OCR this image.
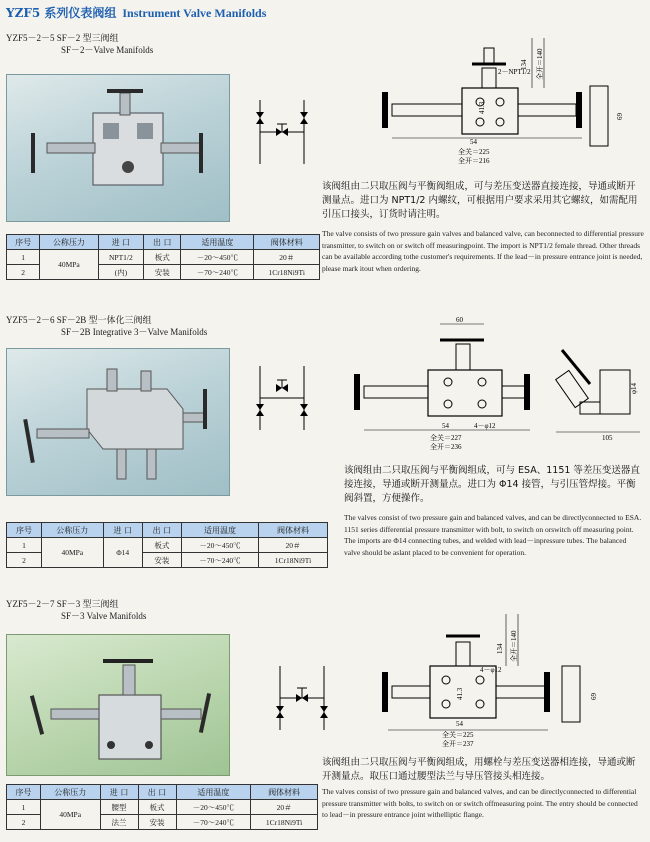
YZF5 系列仪表阀组 Instrument Valve Manifolds
YZF5－2－5 SF－2 型三阀组
SF－2－Valve Manifolds
134 全开＝140
2－NPT1/2
41.3
54
全关＝225
全开＝216
69
序号	公称压力	进 口	出 口	适用温度	阀体材料
1	40MPa	NPT1/2	板式	－20～450℃	20＃
2		(内)	安装	－70～240℃	1Cr18Ni9Ti
该阀组由二只取压阀与平衡阀组成，可与差压变送器直接连接，导通或断开测量点。进口为 NPT1/2 内螺纹，可根据用户要求采用其它螺纹，如需配用引压口接头，订货时请注明。
The valve consists of two pressure gain valves and balanced valve, can beconnected to differential pressure transmitter, to switch on or switch off measuringpoint. The import is NPT1/2 female thread. Other threads can be available according tothe customer's requirements. If the lead－in pressure entrance joint is needed, please mark itout when ordering.
YZF5－2－6 SF－2B 型一体化三阀组
SF－2B Integrative 3－Valve Manifolds
60
4－φ12
54
全关＝227
全开＝236
φ14
105
该阀组由二只取压阀与平衡阀组成，可与 ESA、1151 等差压变送器直接连接，导通或断开测量点。进口为 Φ14 接管，与引压管焊接。平衡阀斜置，方便操作。
序号	公称压力	进 口	出 口	适用温度	阀体材料
1	40MPa	Φ14	板式	－20～450℃	20＃
2			安装	－70～240℃	1Cr18Ni9Ti
The valves consist of two pressure gain and balanced valves, and can be directlyconnected to ESA. 1151 series differential pressure transmitter with bolt, to switch on orswitch off measuring point. The imports are Φ14 connecting tubes, and welded with lead－inpressure tubes. The balanced valve should be aslant placed to be convenient for operation.
YZF5－2－7 SF－3 型三阀组
SF－3 Valve Manifolds
134 全开＝140
4－φ12
41.3
54
全关＝225
全开＝237
69
序号	公称压力	进 口	出 口	适用温度	阀体材料
1	40MPa	腰型	板式	－20～450℃	20＃
2		法兰	安装	－70～240℃	1Cr18Ni9Ti
该阀组由二只取压阀与平衡阀组成，用螺栓与差压变送器相连接，导通或断开测量点。取压口通过腰型法兰与导压管接头相连接。
The valves consist of two pressure gain and balanced valves, and can be directlyconnected to differential pressure transmitter with bolts, to switch on or switch offmeasuring point. The entry should be connected to lead－in pressure entrance joint withelliptic flange.
